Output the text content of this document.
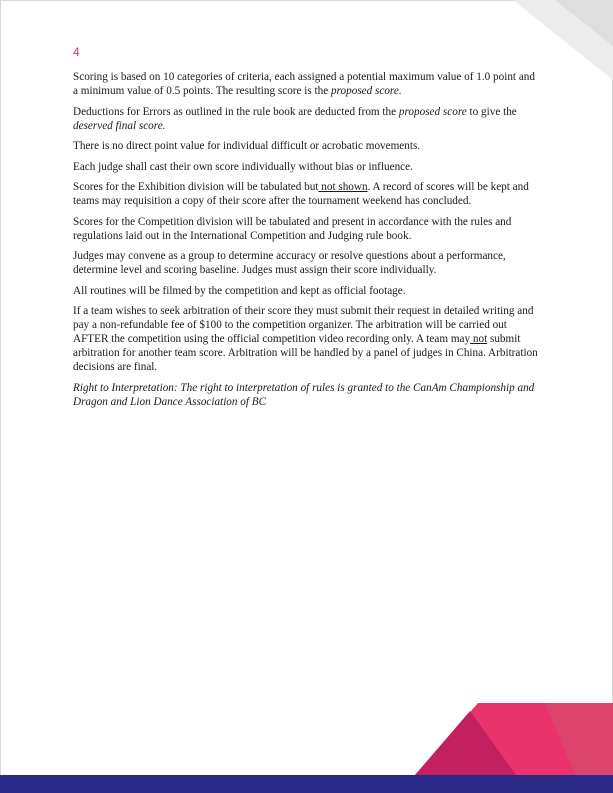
4

Scoring is based on 10 categories of criteria, each assigned a potential maximum value of 1.0 point and a minimum value of 0.5 points. The resulting score is the proposed score.

Deductions for Errors as outlined in the rule book are deducted from the proposed score to give the deserved final score.

There is no direct point value for individual difficult or acrobatic movements.

Each judge shall cast their own score individually without bias or influence.

Scores for the Exhibition division will be tabulated but not shown. A record of scores will be kept and teams may requisition a copy of their score after the tournament weekend has concluded.

Scores for the Competition division will be tabulated and present in accordance with the rules and regulations laid out in the International Competition and Judging rule book.

Judges may convene as a group to determine accuracy or resolve questions about a performance, determine level and scoring baseline. Judges must assign their score individually.

All routines will be filmed by the competition and kept as official footage.

If a team wishes to seek arbitration of their score they must submit their request in detailed writing and pay a non-refundable fee of $100 to the competition organizer. The arbitration will be carried out AFTER the competition using the official competition video recording only. A team may not submit arbitration for another team score. Arbitration will be handled by a panel of judges in China. Arbitration decisions are final.

Right to Interpretation: The right to interpretation of rules is granted to the CanAm Championship and Dragon and Lion Dance Association of BC
